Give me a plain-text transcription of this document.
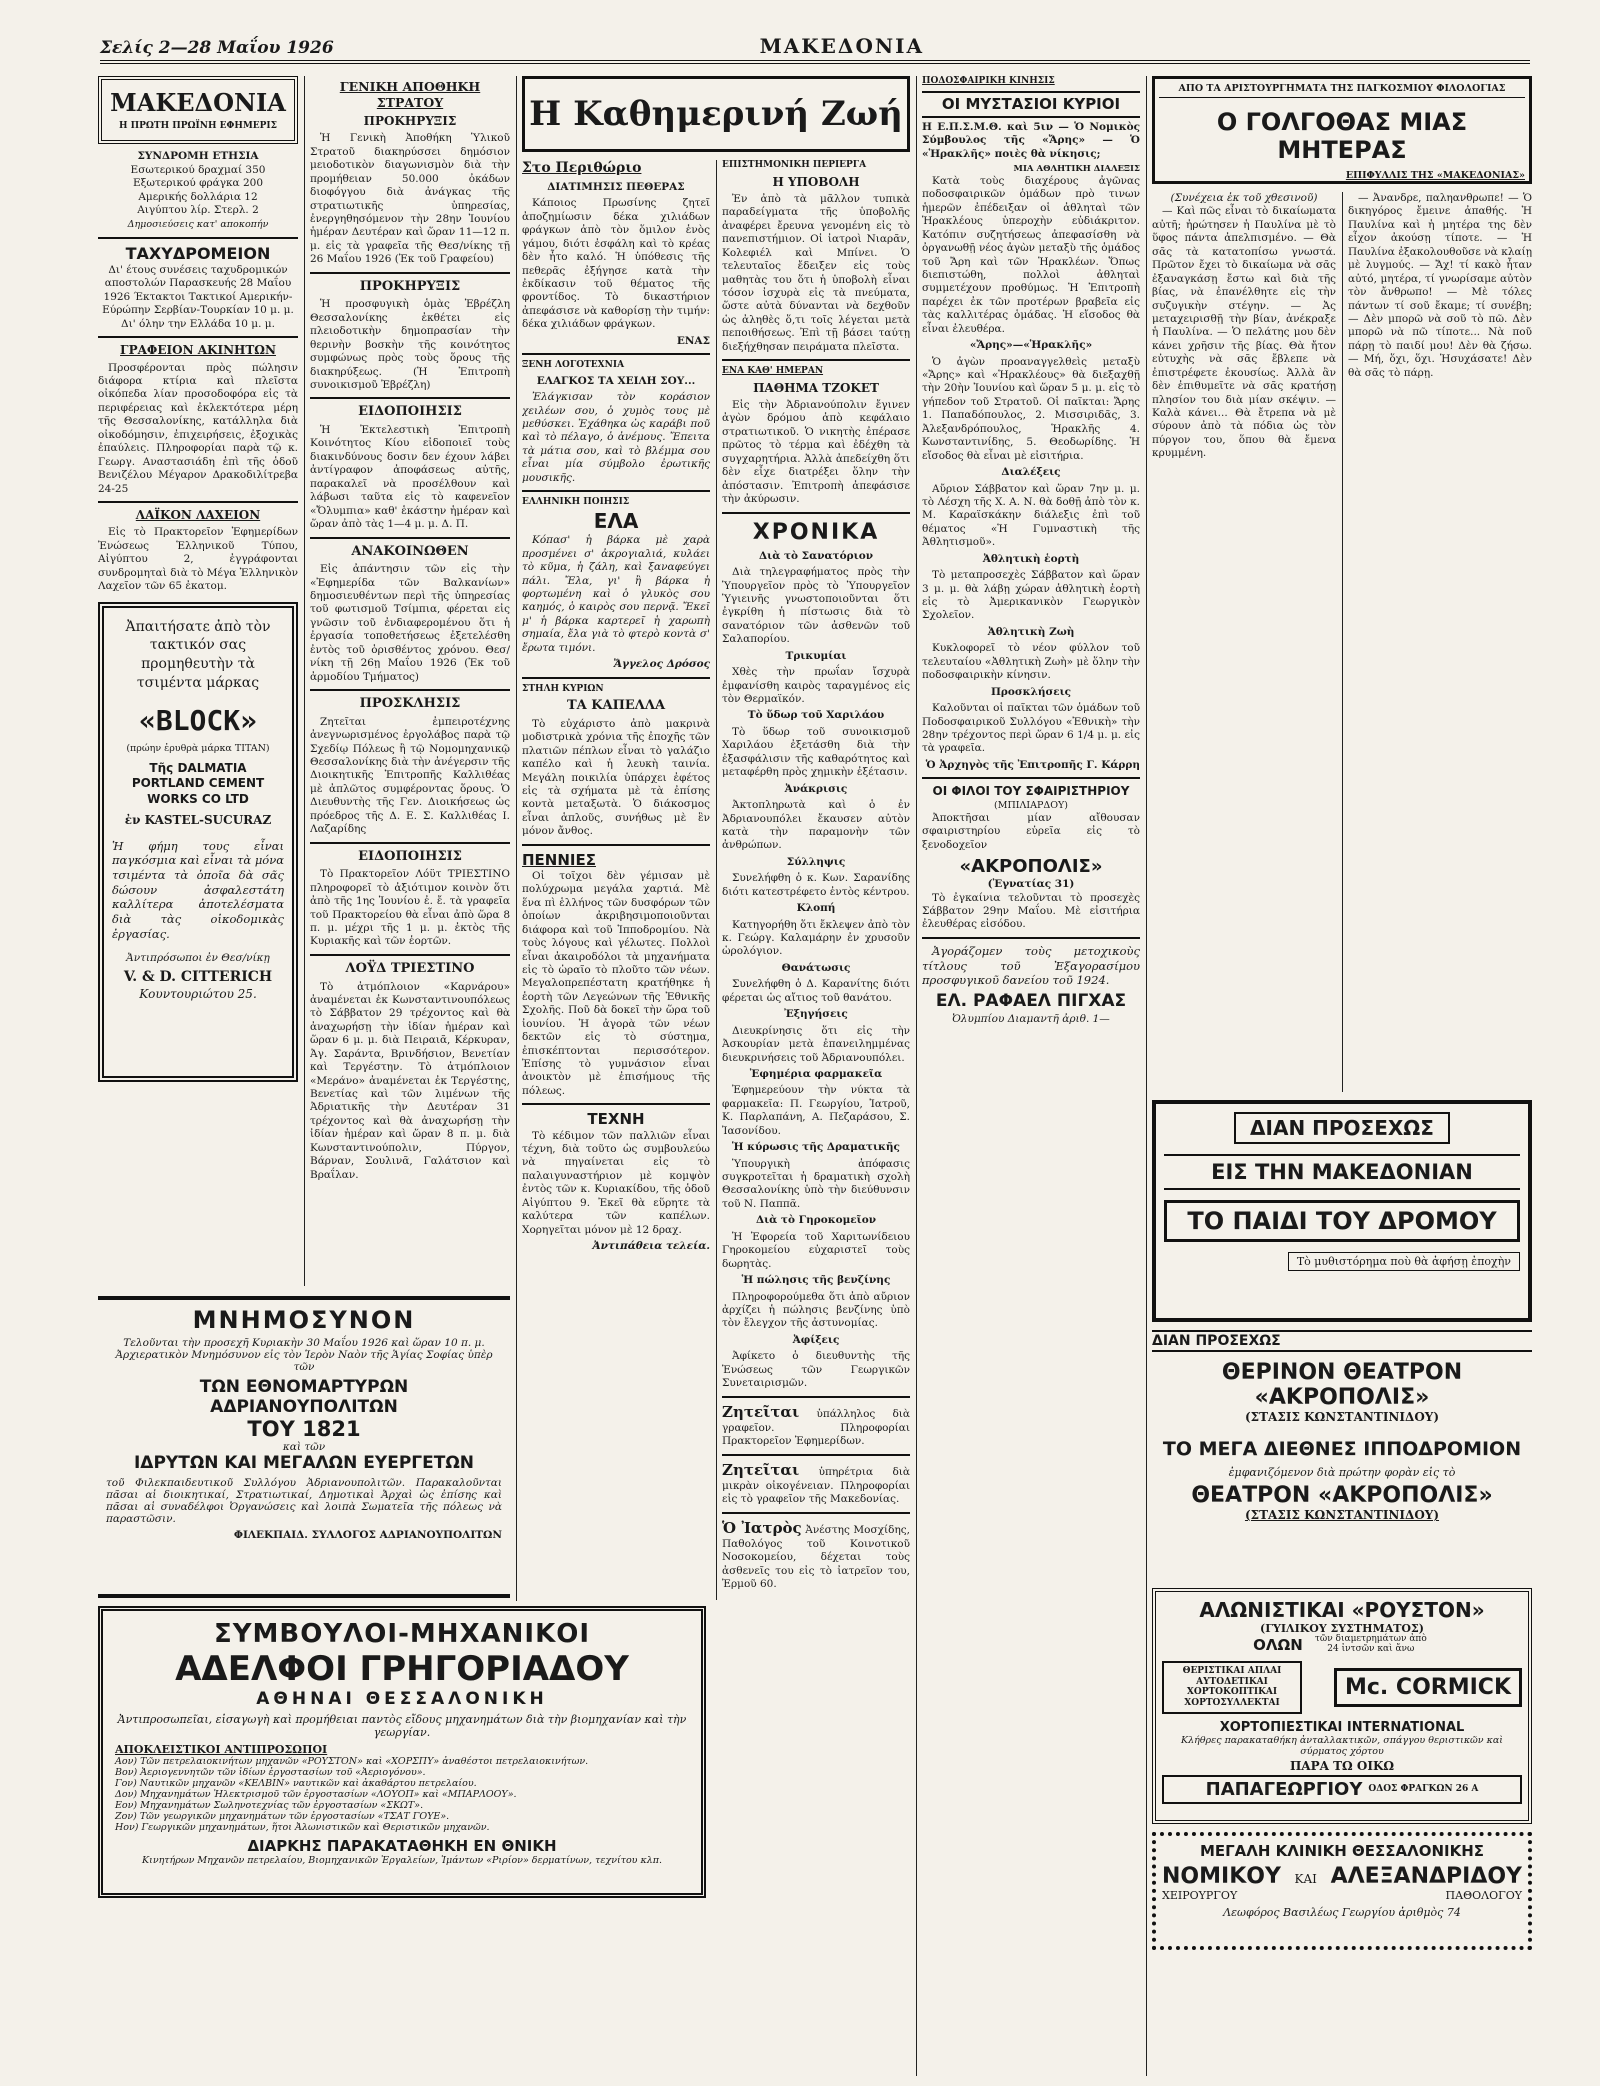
Σελίς 2—28 Μαΐου 1926	ΜΑΚΕΔΟΝΙΑ
ΜΑΚΕΔΟΝΙΑ
Η ΠΡΩΤΗ ΠΡΩΪΝΗ ΕΦΗΜΕΡΙΣ
ΣΥΝΔΡΟΜΗ ΕΤΗΣΙΑ
Εσωτερικού δραχμαί 350
Εξωτερικού φράγκα 200
Αμερικής δολλάρια 12
Αιγύπτου λίρ. Στερλ. 2
Δημοσιεύσεις κατ' αποκοπήν
ΤΑΧΥΔΡΟΜΕΙΟΝ

Δι' έτους συνέσεις ταχυδρομικών αποστολών Παρασκευής 28 Μαΐου 1926 Έκτακτοι Τακτικοί Αμερικήν-Εύρώπην Σερβίαν-Τουρκίαν 10 μ. μ. Δι' όλην την Ελλάδα 10 μ. μ.

ΓΡΑΦΕΙΟΝ ΑΚΙΝΗΤΩΝ

Προσφέρονται πρὸς πώλησιν διάφορα κτίρια καὶ πλεῖστα οἰκόπεδα λίαν προσοδοφόρα εἰς τὰ περιφέρειας καὶ ἐκλεκτότερα μέρη τῆς Θεσσαλονίκης, κατάλληλα διὰ οἰκοδόμησιν, ἐπιχειρήσεις, ἐξοχικὰς ἐπαύλεις. Πληροφορίαι παρὰ τῷ κ. Γεωργ. Αναστασιάδη ἐπὶ τῆς ὁδοῦ Βενιζέλου Μέγαρον Δρακοδιλίτρεβα 24-25

ΛΑΪΚΟΝ ΛΑΧΕΙΟΝ

Εἰς τὸ Πρακτορεῖον Ἐφημερίδων Ἐνώσεως Ἑλληνικοῦ Τύπου, Αἰγύπτου 2, ἐγγράφονται συνδρομηταὶ διὰ τὸ Μέγα Ἑλληνικὸν Λαχεῖον τῶν 65 ἐκατομ.

Ἀπαιτήσατε ἀπὸ τὸν τακτικόν σας προμηθευτὴν τὰ τσιμέντα μάρκας
«BLOCK»
(πρώην ἐρυθρὰ μάρκα TITAN)
Τῆς DALMATIA PORTLAND CEMENT WORKS CO LTD
ἐν KASTEL-SUCURAZ
Ἡ φήμη τους εἶναι παγκόσμια καὶ εἶναι τὰ μόνα τσιμέντα τὰ ὁποῖα δὰ σᾶς δώσουν ἀσφαλεστάτη καλλίτερα ἀποτελέσματα διὰ τὰς οἰκοδομικὰς ἐργασίας.
Ἀντιπρόσωποι ἐν Θεσ/νίκῃ
V. & D. CITTERICH
Κουντουριώτου 25.
ΓΕΝΙΚΗ ΑΠΟΘΗΚΗ ΣΤΡΑΤΟΥ
ΠΡΟΚΗΡΥΞΙΣ

Ἡ Γενικὴ Ἀποθήκη Ὑλικοῦ Στρατοῦ διακηρύσσει δημόσιον μειοδοτικὸν διαγωνισμὸν διὰ τὴν προμήθειαν 50.000 ὀκάδων διοφόγγου διὰ ἀνάγκας τῆς στρατιωτικῆς ὑπηρεσίας, ἐνεργηθησόμενον τὴν 28ην Ἰουνίου ἡμέραν Δευτέραν καὶ ὥραν 11—12 π. μ. εἰς τὰ γραφεῖα τῆς Θεσ/νίκης τῇ 26 Μαΐου 1926 (Ἐκ τοῦ Γραφείου)

ΠΡΟΚΗΡΥΞΙΣ

Ἡ προσφυγικὴ ὁμὰς Ἐβρέζλη Θεσσαλονίκης ἐκθέτει εἰς πλειοδοτικὴν δημοπρασίαν τὴν θερινὴν βοσκὴν τῆς κοινότητος συμφώνως πρὸς τοὺς ὅρους τῆς διακηρύξεως. (Ἡ Ἐπιτροπὴ συνοικισμοῦ Ἐβρέζλη)

ΕΙΔΟΠΟΙΗΣΙΣ

Ἡ Ἐκτελεστικὴ Ἐπιτροπὴ Κοινότητος Κίου εἰδοποιεῖ τοὺς διακινδύνους δοσιν δεν έχουν λάβει ἀντίγραφον ἀποφάσεως αὐτῆς, παρακαλεῖ νὰ προσέλθουν καὶ λάβωσι ταῦτα εἰς τὸ καφενεῖον «Ὄλυμπια» καθ' ἑκάστην ἡμέραν καὶ ὥραν ἀπὸ τὰς 1—4 μ. μ. Δ. Π.

ΑΝΑΚΟΙΝΩΘΕΝ

Εἰς ἀπάντησιν τῶν εἰς τὴν «Ἐφημερίδα τῶν Βαλκανίων» δημοσιευθέντων περὶ τῆς ὑπηρεσίας τοῦ φωτισμοῦ Τσίμπια, φέρεται εἰς γνῶσιν τοῦ ἐνδιαφερομένου ὅτι ἡ ἐργασία τοποθετήσεως ἐξετελέσθη ἐντὸς τοῦ ὁρισθέντος χρόνου. Θεσ/νίκη τῇ 26ῃ Μαΐου 1926 (Ἐκ τοῦ ἀρμοδίου Τμήματος)

ΠΡΟΣΚΛΗΣΙΣ

Ζητεῖται ἐμπειροτέχνης ἀνεγνωρισμένος ἐργολάβος παρὰ τῷ Σχεδίῳ Πόλεως ἢ τῷ Νομομηχανικῷ Θεσσαλονίκης διὰ τὴν ἀνέγερσιν τῆς Διοικητικῆς Ἐπιτροπῆς Καλλιθέας μὲ ἀπλῶτος συμφέροντας ὅρους. Ὁ Διευθυντὴς τῆς Γεν. Διοικήσεως ὡς πρόεδρος τῆς Δ. Ε. Σ. Καλλιθέας Ι. Λαζαρίδης

ΕΙΔΟΠΟΙΗΣΙΣ

Τὸ Πρακτορεῖον Λόϋτ ΤΡΙΕΣΤΙΝΟ πληροφορεῖ τὸ ἀξιότιμον κοινὸν ὅτι ἀπὸ τῆς 1ης Ἰουνίου ἐ. ἔ. τὰ γραφεῖα τοῦ Πρακτορείου θὰ εἶναι ἀπὸ ὥρα 8 π. μ. μέχρι τῆς 1 μ. μ. ἐκτὸς τῆς Κυριακῆς καὶ τῶν ἑορτῶν.

ΛΟΫΔ ΤΡΙΕΣΤΙΝΟ

Τὸ ἀτμόπλοιον «Καρνάρου» ἀναμένεται ἐκ Κωνσταντινουπόλεως τὸ Σάββατον 29 τρέχοντος καὶ θὰ ἀναχωρήσῃ τὴν ἰδίαν ἡμέραν καὶ ὥραν 6 μ. μ. διὰ Πειραιᾶ, Κέρκυραν, Ἀγ. Σαράντα, Βρινδήσιον, Βενετίαν καὶ Τεργέστην. Τὸ ἀτμόπλοιον «Μεράνο» ἀναμένεται ἐκ Τεργέστης, Βενετίας καὶ τῶν λιμένων τῆς Ἀδριατικῆς τὴν Δευτέραν 31 τρέχοντος καὶ θὰ ἀναχωρήσῃ τὴν ἰδίαν ἡμέραν καὶ ὥραν 8 π. μ. διὰ Κωνσταντινούπολιν, Πύργον, Βάρναν, Σουλινᾶ, Γαλάτσιον καὶ Βραΐλαν.

ΜΝΗΜΟΣΥΝΟΝ
Τελοῦνται τὴν προσεχῆ Κυριακὴν 30 Μαΐου 1926 καὶ ὥραν 10 π. μ. Ἀρχιερατικὸν Μνημόσυνον εἰς τὸν Ἱερὸν Ναὸν τῆς Ἁγίας Σοφίας ὑπὲρ τῶν
ΤΩΝ ΕΘΝΟΜΑΡΤΥΡΩΝ ΑΔΡΙΑΝΟΥΠΟΛΙΤΩΝ
ΤΟΥ 1821
καὶ τῶν
ΙΔΡΥΤΩΝ ΚΑΙ ΜΕΓΑΛΩΝ ΕΥΕΡΓΕΤΩΝ
τοῦ Φιλεκπαιδευτικοῦ Συλλόγου Ἀδριανουπολιτῶν. Παρακαλοῦνται πᾶσαι αἱ διοικητικαί, Στρατιωτικαί, Δημοτικαὶ Ἀρχαὶ ὡς ἐπίσης καὶ πᾶσαι αἱ συναδέλφοι Ὀργανώσεις καὶ λοιπὰ Σωματεῖα τῆς πόλεως νὰ παραστῶσιν.
ΦΙΛΕΚΠΑΙΔ. ΣΥΛΛΟΓΟΣ ΑΔΡΙΑΝΟΥΠΟΛΙΤΩΝ
ΣΥΜΒΟΥΛΟΙ-ΜΗΧΑΝΙΚΟΙ
ΑΔΕΛΦΟΙ ΓΡΗΓΟΡΙΑΔΟΥ
ΑΘΗΝΑΙ ΘΕΣΣΑΛΟΝΙΚΗ
Ἀντιπροσωπεῖαι, εἰσαγωγὴ καὶ προμήθειαι παντὸς εἴδους μηχανημάτων διὰ τὴν βιομηχανίαν καὶ τὴν γεωργίαν.
ΑΠΟΚΛΕΙΣΤΙΚΟΙ ΑΝΤΙΠΡΟΣΩΠΟΙ
Αον) Τῶν πετρελαιοκινήτων μηχανῶν «ΡΟΥΣΤΟΝ» καὶ «ΧΟΡΣΠΥ» ἀναθέστοι πετρελαιοκινήτων.
Βον) Ἀεριογεννητῶν τῶν ἰδίων ἐργοστασίων τοῦ «Ἀεριογόνου».
Γον) Ναυτικῶν μηχανῶν «ΚΕΛΒΙΝ» ναυτικῶν καὶ ἀκαθάρτου πετρελαίου.
Δον) Μηχανημάτων Ἠλεκτρισμοῦ τῶν ἐργοστασίων «ΛΟΥΟΠ» καὶ «ΜΠΑΡΛΟΟΥ».
Εον) Μηχανημάτων Σωληνοτεχνίας τῶν ἐργοστασίων «ΣΚΩΤ».
Ζον) Τῶν γεωργικῶν μηχανημάτων τῶν ἐργοστασίων «ΤΣΑΤ ΓΟΥΕ».
Ηον) Γεωργικῶν μηχανημάτων, ἥτοι Ἀλωνιστικῶν καὶ Θεριστικῶν μηχανῶν.
ΔΙΑΡΚΗΣ ΠΑΡΑΚΑΤΑΘΗΚΗ ΕΝ ΘΝΙΚΗ
Κινητήρων Μηχανῶν πετρελαίου, Βιομηχανικῶν Ἐργαλείων, Ἱμάντων «Ριρίον» δερματίνων, τεχνίτου κλπ.
Η Καθημερινή Ζωή
Στο Περιθώριο
ΔΙΑΤΙΜΗΣΙΣ ΠΕΘΕΡΑΣ

Κάποιος Πρωσίνης ζητεῖ ἀποζημίωσιν δέκα χιλιάδων φράγκων ἀπὸ τὸν ὅμιλον ἑνὸς γάμου, διότι ἐσφάλη καὶ τὸ κρέας δὲν ἦτο καλό. Ἡ ὑπόθεσις τῆς πεθερᾶς ἐξήγησε κατὰ τὴν ἐκδίκασιν τοῦ θέματος τῆς φροντίδος. Τὸ δικαστήριον ἀπεφάσισε νὰ καθορίσῃ τὴν τιμήν: δέκα χιλιάδων φράγκων.

ΕΝΑΣ
ΞΕΝΗ ΛΟΓΟΤΕΧΝΙΑ
ΕΛΑΓΚΟΣ ΤΑ ΧΕΙΛΗ ΣΟΥ...

Ἐλάγκισαν τὸν κοράσιον χειλέων σου, ὁ χυμὸς τους μὲ μεθύσκει. Ἐχάθηκα ὡς καράβι ποῦ καὶ τὸ πέλαγο, ὁ ἀνέμους. Ἔπειτα τὰ μάτια σου, καὶ τὸ βλέμμα σου εἶναι μία σύμβολο ἐρωτικῆς μουσικῆς.

ΕΛΛΗΝΙΚΗ ΠΟΙΗΣΙΣ
ΕΛΑ

Κόπασ' ἡ βάρκα μὲ χαρὰ προσμένει σ' ἀκρογιαλιά, κυλάει τὸ κῦμα, ἡ ζάλη, καὶ ξαναφεύγει πάλι. Ἔλα, γι' ἢ βάρκα ἡ φορτωμένη καὶ ὁ γλυκὸς σου καημός, ὁ καιρὸς σου περνᾷ. Ἔκεῖ μ' ἡ βάρκα καρτερεῖ ἡ χαρωπὴ σημαία, ἔλα γιὰ τὸ φτερὸ κοντὰ σ' ἔρωτα τιμόνι.

Ἄγγελος Δρόσος
ΣΤΗΛΗ ΚΥΡΙΩΝ
ΤΑ ΚΑΠΕΛΛΑ

Τὸ εὐχάριστο ἀπὸ μακρινὰ μοδιστρικὰ χρόνια τῆς ἐποχῆς τῶν πλατιῶν πέπλων εἶναι τὸ γαλάζιο καπέλο καὶ ἡ λευκὴ ταινία. Μεγάλη ποικιλία ὑπάρχει ἐφέτος εἰς τὰ σχήματα μὲ τὰ ἐπίσης κοντὰ μεταξωτὰ. Ὁ διάκοσμος εἶναι ἁπλοῦς, συνήθως μὲ ἓν μόνον ἄνθος.

ΠΕΝΝΙΕΣ

Οἱ τοῖχοι δὲν γέμισαν μὲ πολύχρωμα μεγάλα χαρτιά. Μὲ ἕνα πὶ ἑλλήνος τῶν δυσφόρων τῶν ὁποίων ἀκριβησιμοποιοῦνται διάφορα καὶ τοῦ Ἱπποδρομίου. Νὰ τοὺς λόγους καὶ γέλωτες. Πολλοὶ εἶναι ἀκαιροδόλοι τὰ μηχανήματα εἰς τὸ ὡραῖο τὸ πλοῦτο τῶν νέων. Μεγαλοπρεπέστατη κρατήθηκε ἡ ἑορτὴ τῶν Λεγεώνων τῆς Ἐθνικῆς Σχολῆς. Ποῦ δὰ δοκεῖ τὴν ὥρα τοῦ ἰουνίου. Ἡ ἀγορὰ τῶν νέων δεκτῶν εἰς τὸ σύστημα, ἐπισκέπτονται περισσότερον. Ἐπίσης τὸ γυμνάσιον εἶναι ἀνοικτὸν μὲ ἐπισήμους τῆς πόλεως.

ΤΕΧΝΗ

Τὸ κέδιμον τῶν παλλιῶν εἶναι τέχνη, διὰ τοῦτο ὡς συμβουλεύω νὰ πηγαίνεται εἰς τὸ παλαιγυναστήριον μὲ κομψὸν ἐντὸς τῶν κ. Κυριακίδου, τῆς ὁδοῦ Αἰγύπτου 9. Ἐκεῖ θὰ εὕρητε τὰ καλύτερα τῶν καπέλων. Χορηγεῖται μόνον μὲ 12 δραχ.

Ἀντιπάθεια τελεία.
ΕΠΙΣΤΗΜΟΝΙΚΗ ΠΕΡΙΕΡΓΑ
Η ΥΠΟΒΟΛΗ

Ἐν ἀπὸ τὰ μᾶλλον τυπικὰ παραδείγματα τῆς ὑποβολῆς ἀναφέρει ἔρευνα γενομένη εἰς τὸ πανεπιστήμιον. Οἱ ἰατροὶ Νιαρᾶν, Κολεφιέλ καὶ Μπίνει. Ὁ τελευταῖος ἔδειξεν εἰς τοὺς μαθητὰς του ὅτι ἡ ὑποβολὴ εἶναι τόσον ἰσχυρὰ εἰς τὰ πνεύματα, ὥστε αὐτὰ δύνανται νὰ δεχθοῦν ὡς ἀληθὲς ὅ,τι τοῖς λέγεται μετὰ πεποιθήσεως. Ἐπὶ τῇ βάσει ταύτῃ διεξήχθησαν πειράματα πλεῖστα.

ΕΝΑ ΚΑΘ' ΗΜΕΡΑΝ
ΠΑΘΗΜΑ ΤΖΟΚΕΤ

Εἰς τὴν Ἀδριανούπολιν ἔγινεν ἀγὼν δρόμου ἀπὸ κεφάλαιο στρατιωτικοῦ. Ὁ νικητὴς ἐπέρασε πρῶτος τὸ τέρμα καὶ ἐδέχθη τὰ συγχαρητήρια. Ἀλλὰ ἀπεδείχθη ὅτι δὲν εἶχε διατρέξει ὅλην τὴν ἀπόστασιν. Ἐπιτροπὴ ἀπεφάσισε τὴν ἀκύρωσιν.

ΧΡΟΝΙΚΑ
Διὰ τὸ Σανατόριον

Διὰ τηλεγραφήματος πρὸς τὴν Ὑπουργεῖον πρὸς τὸ Ὑπουργεῖον Ὑγιεινῆς γνωστοποιοῦνται ὅτι ἐγκρίθη ἡ πίστωσις διὰ τὸ σανατόριον τῶν ἀσθενῶν τοῦ Σαλαπορίου.

Τρικυμίαι

Χθὲς τὴν πρωΐαν ἴσχυρὰ ἐμφανίσθη καιρὸς ταραγμένος εἰς τὸν Θερμαϊκόν.

Τὸ ὕδωρ τοῦ Χαριλάου

Τὸ ὕδωρ τοῦ συνοικισμοῦ Χαριλάου ἐξετάσθη διὰ τὴν ἐξασφάλισιν τῆς καθαρότητος καὶ μεταφέρθη πρὸς χημικὴν ἐξέτασιν.

Ἀνάκρισις

Ἀκτοπληρωτὰ καὶ ὁ ἐν Ἀδριανουπόλει ἔκαυσεν αὐτὸν κατὰ τὴν παραμονὴν τῶν ἀνθρώπων.

Σύλληψις

Συνελήφθη ὁ κ. Κων. Σαρανίδης διότι κατεστρέφετο ἐντὸς κέντρου.

Κλοπή

Κατηγορήθη ὅτι ἔκλεψεν ἀπὸ τὸν κ. Γεώργ. Καλαμάρην ἐν χρυσοῦν ὡρολόγιον.

Θανάτωσις

Συνελήφθη ὁ Δ. Καρανίτης διότι φέρεται ὡς αἴτιος τοῦ θανάτου.

Ἐξηγήσεις

Διευκρίνησις ὅτι εἰς τὴν Ἀσκουρίαν μετὰ ἐπανειλημμένας διευκρινήσεις τοῦ Ἀδριανουπόλει.

Ἐφημέρια φαρμακεῖα

Ἐφημερεύουν τὴν νύκτα τὰ φαρμακεῖα: Π. Γεωργίου, Ἰατροῦ, Κ. Παρλαπάνη, Α. Πεζαράσου, Σ. Ἰασονίδου.

Ἡ κύρωσις τῆς Δραματικῆς

Ὑπουργικὴ ἀπόφασις συγκροτεῖται ἡ δραματικὴ σχολὴ Θεσσαλονίκης ὑπὸ τὴν διεύθυνσιν τοῦ Ν. Παππᾶ.

Διὰ τὸ Γηροκομεῖον

Ἡ Ἐφορεία τοῦ Χαριτωνίδειου Γηροκομείου εὐχαριστεῖ τοὺς δωρητὰς.

Ἡ πώλησις τῆς βενζίνης

Πληροφορούμεθα ὅτι ἀπὸ αὔριον ἀρχίζει ἡ πώλησις βενζίνης ὑπὸ τὸν ἔλεγχον τῆς ἀστυνομίας.

Ἀφίξεις

Ἀφίκετο ὁ διευθυντὴς τῆς Ἑνώσεως τῶν Γεωργικῶν Συνεταιρισμῶν.

Ζητεῖται ὑπάλληλος διὰ γραφεῖον. Πληροφορίαι Πρακτορεῖον Ἐφημερίδων.
Ζητεῖται ὑπηρέτρια διὰ μικρὰν οἰκογένειαν. Πληροφορίαι εἰς τὸ γραφεῖον τῆς Μακεδονίας.
Ὁ Ἰατρὸς Ἀνέστης Μοσχίδης, Παθολόγος τοῦ Κοινοτικοῦ Νοσοκομείου, δέχεται τοὺς ἀσθενεῖς του εἰς τὸ ἰατρεῖον του, Ἐρμοῦ 60.
ΠΟΔΟΣΦΑΙΡΙΚΗ ΚΙΝΗΣΙΣ
ΟΙ ΜΥΣΤΑΣΙΟΙ ΚΥΡΙΟΙ

Η Ε.Π.Σ.Μ.Θ. καὶ 5ιν — Ὁ Νομικὸς Σύμβουλος τῆς «Ἄρης» — Ὁ «Ἡρακλῆς» ποιὲς θὰ νίκησις;

ΜΙΑ ΑΘΛΗΤΙΚΗ ΔΙΑΛΕΞΙΣ

Κατὰ τοὺς διαχέρους ἀγῶνας ποδοσφαιρικῶν ὁμάδων πρὸ τινων ἡμερῶν ἐπέδειξαν οἱ ἀθληταὶ τῶν Ἡρακλέους ὑπεροχὴν εὐδιάκριτον. Κατόπιν συζητήσεως ἀπεφασίσθη νὰ ὀργανωθῇ νέος ἀγὼν μεταξὺ τῆς ὁμάδος τοῦ Ἄρη καὶ τῶν Ἡρακλέων. Ὅπως διεπιστώθη, πολλοὶ ἀθληταὶ συμμετέχουν προθύμως. Ἡ Ἐπιτροπὴ παρέχει ἐκ τῶν προτέρων βραβεῖα εἰς τὰς καλλιτέρας ὁμάδας. Ἡ εἴσοδος θὰ εἶναι ἐλευθέρα.

«Ἄρης»—«Ἡρακλῆς»

Ὁ ἀγὼν προαναγγελθεὶς μεταξὺ «Ἄρης» καὶ «Ἡρακλέους» θὰ διεξαχθῇ τὴν 20ὴν Ἰουνίου καὶ ὥραν 5 μ. μ. εἰς τὸ γήπεδον τοῦ Στρατοῦ. Οἱ παῖκται: Ἄρης 1. Παπαδόπουλος, 2. Μισσιριδᾶς, 3. Ἀλεξανδρόπουλος, Ἡρακλῆς 4. Κωνσταντινίδης, 5. Θεοδωρίδης. Ἡ εἴσοδος θὰ εἶναι μὲ εἰσιτήρια.

Διαλέξεις

Αὔριον Σάββατον καὶ ὥραν 7ην μ. μ. τὸ Λέσχη τῆς Χ. Α. Ν. θὰ δοθῇ ἀπὸ τὸν κ. Μ. Καραϊσκάκην διάλεξις ἐπὶ τοῦ θέματος «Ἡ Γυμναστικὴ τῆς Ἀθλητισμοῦ».

Ἀθλητικὴ ἑορτὴ

Τὸ μεταπροσεχὲς Σάββατον καὶ ὥραν 3 μ. μ. θὰ λάβῃ χώραν ἀθλητικὴ ἑορτὴ εἰς τὸ Ἀμερικανικὸν Γεωργικὸν Σχολεῖον.

Ἀθλητικὴ Ζωὴ

Κυκλοφορεῖ τὸ νέον φύλλον τοῦ τελευταίου «Ἀθλητικὴ Ζωὴ» μὲ ὅλην τὴν ποδοσφαιρικὴν κίνησιν.

Προσκλήσεις

Καλοῦνται οἱ παῖκται τῶν ὁμάδων τοῦ Ποδοσφαιρικοῦ Συλλόγου «Ἐθνικὴ» τὴν 28ην τρέχοντος περὶ ὥραν 6 1/4 μ. μ. εἰς τὰ γραφεῖα.

Ὁ Ἀρχηγὸς τῆς Ἐπιτροπῆς Γ. Κάρρη
ΟΙ ΦΙΛΟΙ ΤΟΥ ΣΦΑΙΡΙΣΤΗΡΙΟΥ
(ΜΠΙΛΙΑΡΔΟΥ)

Ἀποκτῆσαι μίαν αἴθουσαν σφαιριστηρίου εὐρεῖα εἰς τὸ ξενοδοχεῖον

«ΑΚΡΟΠΟΛΙΣ»
(Ἐγνατίας 31)

Τὸ ἐγκαίνια τελοῦνται τὸ προσεχὲς Σάββατον 29ην Μαΐου. Μὲ εἰσιτήρια ἐλευθέρας εἰσόδου.

Ἀγοράζομεν τοὺς μετοχικοὺς τίτλους τοῦ Ἐξαγορασίμου προσφυγικοῦ δανείου τοῦ 1924.

ΕΛ. ΡΑΦΑΕΛ ΠΙΓΧΑΣ
Ὀλυμπίου Διαμαντῆ ἀριθ. 1—
ΑΠΟ ΤΑ ΑΡΙΣΤΟΥΡΓΗΜΑΤΑ ΤΗΣ ΠΑΓΚΟΣΜΙΟΥ ΦΙΛΟΛΟΓΙΑΣ
Ο ΓΟΛΓΟΘΑΣ ΜΙΑΣ ΜΗΤΕΡΑΣ
ΕΠΙΦΥΛΛΙΣ ΤΗΣ «ΜΑΚΕΔΟΝΙΑΣ»
(Συνέχεια ἐκ τοῦ χθεσινοῦ)

— Καὶ πῶς εἶναι τὸ δικαίωματα αὐτῆ; ἠρώτησεν ἡ Παυλίνα μὲ τὸ ὕφος πάντα ἀπελπισμένο. — Θὰ σᾶς τὰ κατατοπίσω γνωστά. Πρῶτον ἔχει τὸ δικαίωμα νὰ σᾶς ἐξαναγκάσῃ ἔστω καὶ διὰ τῆς βίας, νὰ ἐπανέλθητε εἰς τὴν συζυγικὴν στέγην. — Ἀς μεταχειρισθῇ τὴν βίαν, ἀνέκραξε ἡ Παυλίνα. — Ὁ πελάτης μου δὲν κάνει χρῆσιν τῆς βίας. Θὰ ἤτον εὐτυχὴς νὰ σᾶς ἔβλεπε νὰ ἐπιστρέφετε ἐκουσίως. Ἀλλὰ ἂν δὲν ἐπιθυμεῖτε νὰ σᾶς κρατήσῃ πλησίον του διὰ μίαν σκέψιν. — Καλὰ κάνει... Θὰ ἔτρεπα νὰ μὲ σύρουν ἀπὸ τὰ πόδια ὡς τὸν πύργον του, ὅπου θὰ ἔμενα κρυμμένη.

— Ἀνανδρε, παληανθρωπε! — Ὁ δικηγόρος ἔμεινε ἀπαθής. Ἡ Παυλίνα καὶ ἡ μητέρα της δὲν εἶχον ἀκούσῃ τίποτε. — Ἡ Παυλίνα ἐξακολουθοῦσε νὰ κλαίῃ μὲ λυγμούς. — Ἄχ! τί κακὸ ἦταν αὐτό, μητέρα, τί γνωρίσαμε αὐτὸν τὸν ἄνθρωπο! — Μὲ τόλες πάντων τί σοῦ ἔκαμε; τί συνέβη; — Δὲν μπορῶ νὰ σοῦ τὸ πῶ. Δὲν μπορῶ νὰ πῶ τίποτε... Νὰ ποῦ πάρῃ τὸ παιδί μου! Δὲν θὰ ζήσω. — Μή, ὅχι, ὅχι. Ἡσυχάσατε! Δὲν θὰ σᾶς τὸ πάρῃ.

ΔΙΑΝ ΠΡΟΣΕΧΩΣ
ΕΙΣ ΤΗΝ ΜΑΚΕΔΟΝΙΑΝ
ΤΟ ΠΑΙΔΙ ΤΟΥ ΔΡΟΜΟΥ
Τὸ μυθιστόρημα ποὺ θὰ ἀφήσῃ ἐποχὴν
ΔΙΑΝ ΠΡΟΣΕΧΩΣ
ΘΕΡΙΝΟΝ ΘΕΑΤΡΟΝ «ΑΚΡΟΠΟΛΙΣ»
(ΣΤΑΣΙΣ ΚΩΝΣΤΑΝΤΙΝΙΔΟΥ)
ΤΟ ΜΕΓΑ ΔΙΕΘΝΕΣ ΙΠΠΟΔΡΟΜΙΟΝ
ἐμφανιζόμενον διὰ πρώτην φορὰν εἰς τὸ
ΘΕΑΤΡΟΝ «ΑΚΡΟΠΟΛΙΣ»
(ΣΤΑΣΙΣ ΚΩΝΣΤΑΝΤΙΝΙΔΟΥ)
ΑΛΩΝΙΣΤΙΚΑΙ «ΡΟΥΣΤΟΝ»
(ΓΥΙΛΙΚΟΥ ΣΥΣΤΗΜΑΤΟΣ)
ΟΛΩΝ	τῶν διαμετρημάτων ἀπὸ 24 ἰντσῶν καὶ ἄνω
ΘΕΡΙΣΤΙΚΑΙ ΑΠΛΑΙ ΑΥΤΟΔΕΤΙΚΑΙ ΧΟΡΤΟΚΟΠΤΙΚΑΙ ΧΟΡΤΟΣΥΛΛΕΚΤΑΙ
Mc. CORMICK
ΧΟΡΤΟΠΙΕΣΤΙΚΑΙ INTERNATIONAL
Κλήθρες παρακαταθήκη ἀνταλλακτικῶν, σπάγγου θεριστικῶν καὶ σύρματος χόρτου
ΠΑΡΑ ΤΩ ΟΙΚΩ
ΠΑΠΑΓΕΩΡΓΙΟΥ ΟΔΟΣ ΦΡΑΓΚΩΝ 26 Α
ΜΕΓΑΛΗ ΚΛΙΝΙΚΗ ΘΕΣΣΑΛΟΝΙΚΗΣ
ΝΟΜΙΚΟΥ ΚΑΙ ΑΛΕΞΑΝΔΡΙΔΟΥ
ΧΕΙΡΟΥΡΓΟΥ	ΠΑΘΟΛΟΓΟΥ
Λεωφόρος Βασιλέως Γεωργίου ἀριθμὸς 74
